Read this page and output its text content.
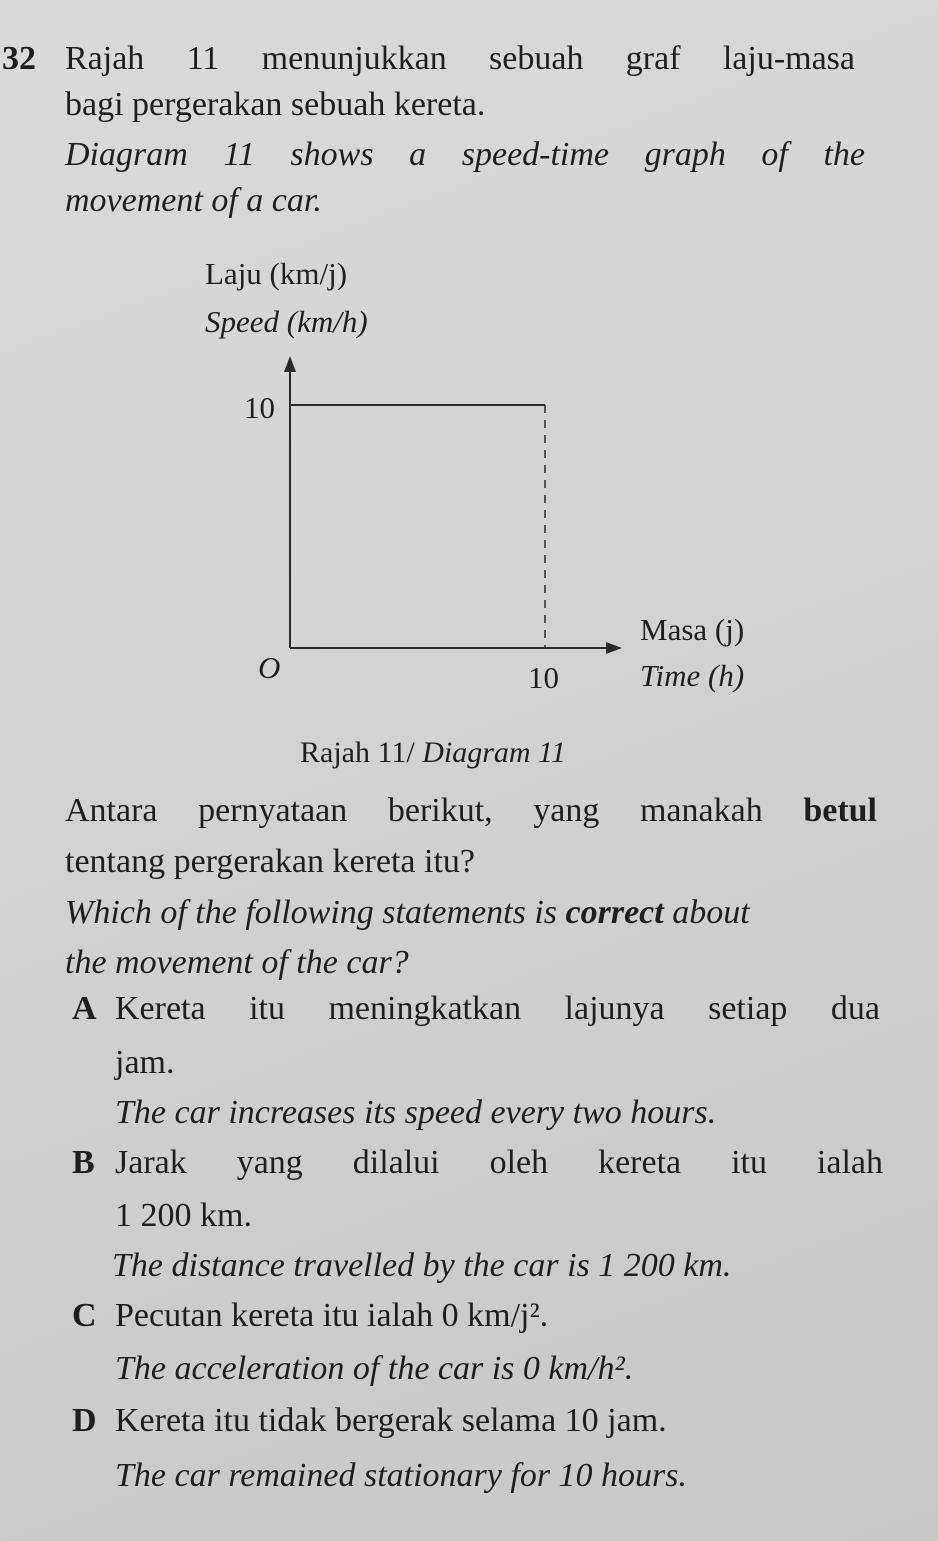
32 Rajah 11 menunjukkan sebuah graf laju-masa
bagi pergerakan sebuah kereta.
Diagram 11 shows a speed-time graph of the
movement of a car.
Laju (km/j)
Speed (km/h)
10
O	10
Masa (j)
Time (h)
Rajah 11/ Diagram 11
Antara pernyataan berikut, yang manakah betul
tentang pergerakan kereta itu?
Which of the following statements is correct about
the movement of the car?
A Kereta itu meningkatkan lajunya setiap dua
jam.
The car increases its speed every two hours.
B Jarak yang dilalui oleh kereta itu ialah
1 200 km.
The distance travelled by the car is 1 200 km.
C Pecutan kereta itu ialah 0 km/j².
The acceleration of the car is 0 km/h².
D Kereta itu tidak bergerak selama 10 jam.
The car remained stationary for 10 hours.
